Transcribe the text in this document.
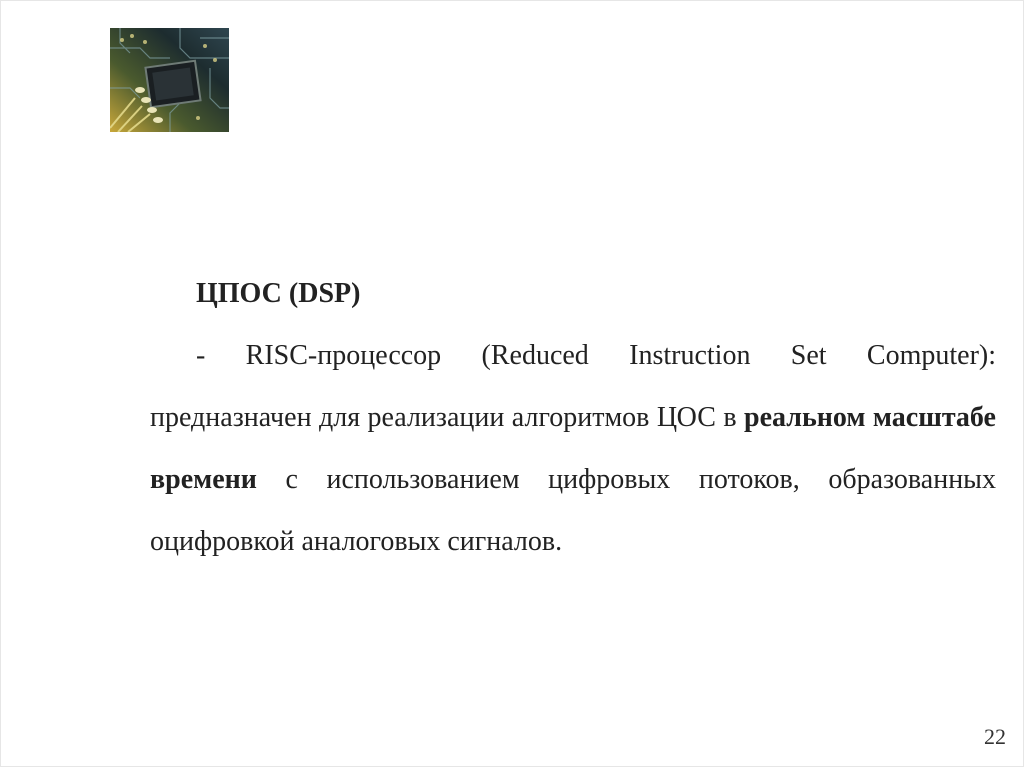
ЦПОС (DSP)
- RISC-процессор (Reduced Instruction Set Computer): предназначен для реализации алгоритмов ЦОС в реальном масштабе времени с использованием цифровых потоков, образованных оцифровкой аналоговых сигналов.
22
